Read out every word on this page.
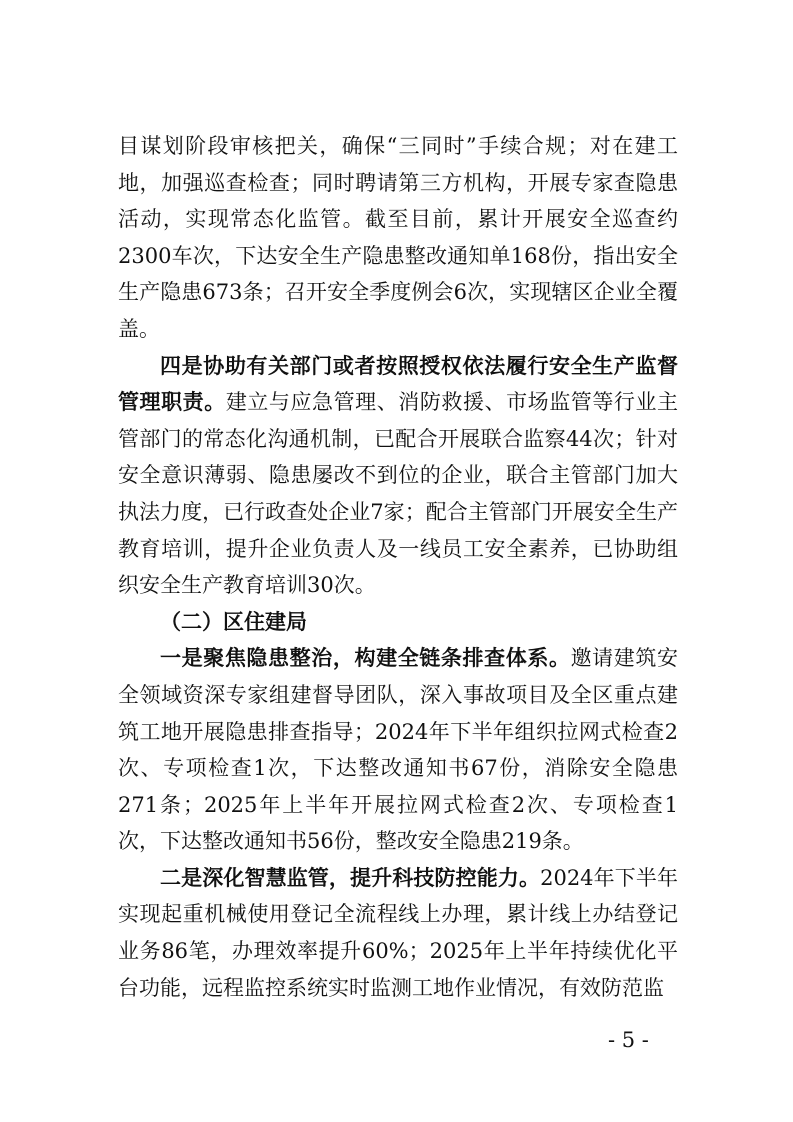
目谋划阶段审核把关，确保“三同时”手续合规；对在建工地，加强巡查检查；同时聘请第三方机构，开展专家查隐患活动，实现常态化监管。截至目前，累计开展安全巡查约2300车次，下达安全生产隐患整改通知单168份，指出安全生产隐患673条；召开安全季度例会6次，实现辖区企业全覆盖。

四是协助有关部门或者按照授权依法履行安全生产监督管理职责。建立与应急管理、消防救援、市场监管等行业主管部门的常态化沟通机制，已配合开展联合监察44次；针对安全意识薄弱、隐患屡改不到位的企业，联合主管部门加大执法力度，已行政查处企业7家；配合主管部门开展安全生产教育培训，提升企业负责人及一线员工安全素养，已协助组织安全生产教育培训30次。

（二）区住建局

一是聚焦隐患整治，构建全链条排查体系。邀请建筑安全领域资深专家组建督导团队，深入事故项目及全区重点建筑工地开展隐患排查指导；2024年下半年组织拉网式检查2次、专项检查1次，下达整改通知书67份，消除安全隐患271条；2025年上半年开展拉网式检查2次、专项检查1次，下达整改通知书56份，整改安全隐患219条。

二是深化智慧监管，提升科技防控能力。2024年下半年实现起重机械使用登记全流程线上办理，累计线上办结登记业务86笔，办理效率提升60%；2025年上半年持续优化平台功能，远程监控系统实时监测工地作业情况，有效防范监

- 5 -
